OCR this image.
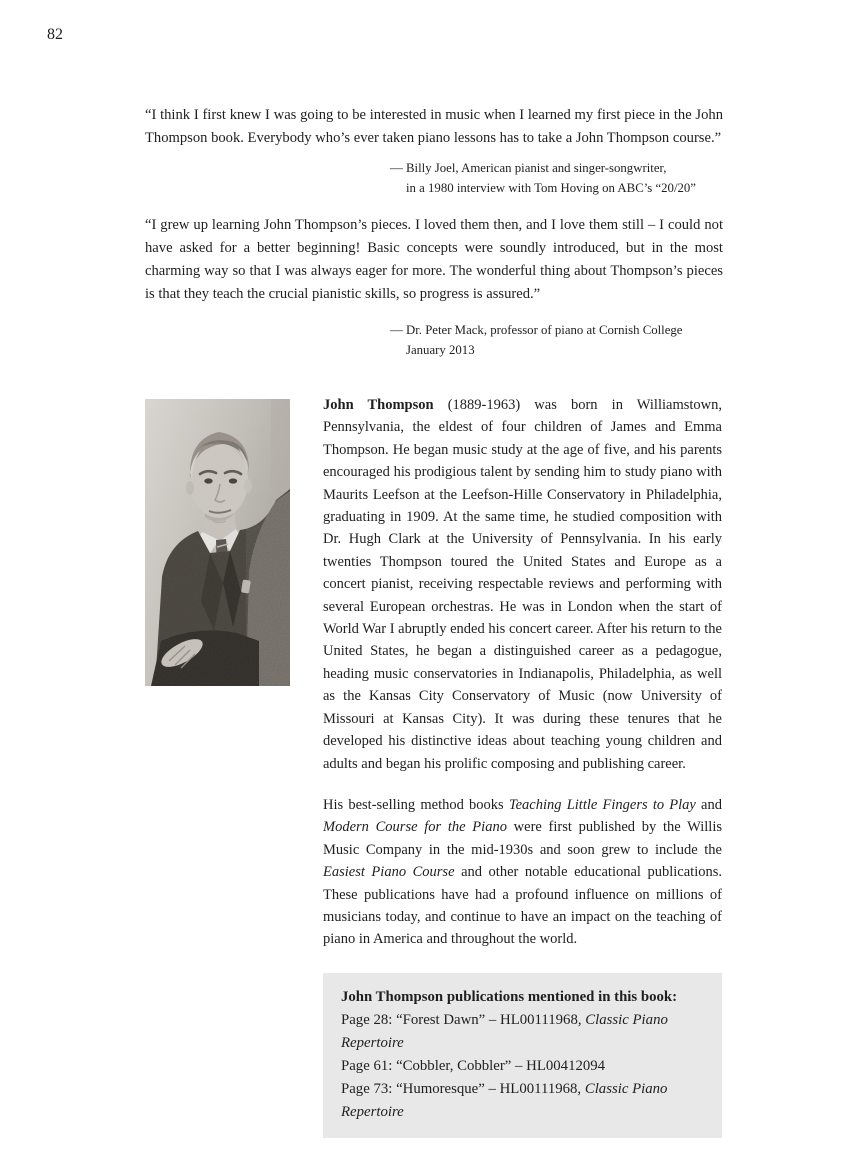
82
“I think I first knew I was going to be interested in music when I learned my first piece in the John Thompson book. Everybody who’s ever taken piano lessons has to take a John Thompson course.”
— Billy Joel, American pianist and singer-songwriter,
in a 1980 interview with Tom Hoving on ABC’s “20/20”
“I grew up learning John Thompson’s pieces. I loved them then, and I love them still – I could not have asked for a better beginning! Basic concepts were soundly introduced, but in the most charming way so that I was always eager for more. The wonderful thing about Thompson’s pieces is that they teach the crucial pianistic skills, so progress is assured.”
— Dr. Peter Mack, professor of piano at Cornish College
January 2013

John Thompson (1889-1963) was born in Williamstown, Pennsylvania, the eldest of four children of James and Emma Thompson. He began music study at the age of five, and his parents encouraged his prodigious talent by sending him to study piano with Maurits Leefson at the Leefson-Hille Conservatory in Philadelphia, graduating in 1909. At the same time, he studied composition with Dr. Hugh Clark at the University of Pennsylvania. In his early twenties Thompson toured the United States and Europe as a concert pianist, receiving respectable reviews and performing with several European orchestras. He was in London when the start of World War I abruptly ended his concert career. After his return to the United States, he began a distinguished career as a pedagogue, heading music conservatories in Indianapolis, Philadelphia, as well as the Kansas City Conservatory of Music (now University of Missouri at Kansas City). It was during these tenures that he developed his distinctive ideas about teaching young children and adults and began his prolific composing and publishing career.

His best-selling method books Teaching Little Fingers to Play and Modern Course for the Piano were first published by the Willis Music Company in the mid-1930s and soon grew to include the Easiest Piano Course and other notable educational publications. These publications have had a profound influence on millions of musicians today, and continue to have an impact on the teaching of piano in America and throughout the world.

John Thompson publications mentioned in this book:
Page 28: “Forest Dawn” – HL00111968, Classic Piano Repertoire
Page 61: “Cobbler, Cobbler” – HL00412094
Page 73: “Humoresque” – HL00111968, Classic Piano Repertoire
